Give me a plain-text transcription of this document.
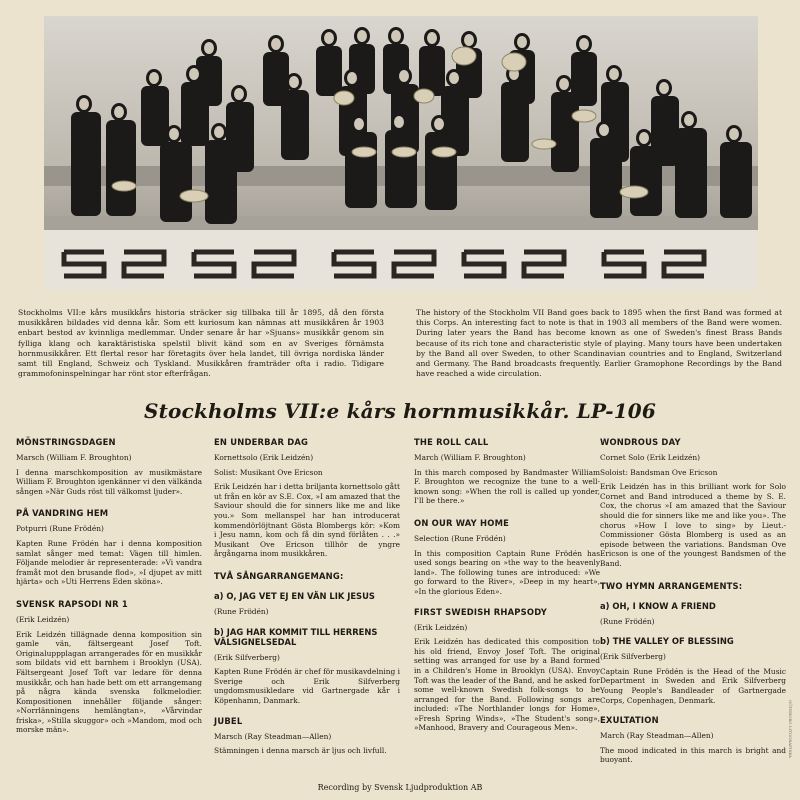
Stockholms VII:e kårs musikkårs historia sträcker sig tillbaka till år 1895, då den första musikkåren bildades vid denna kår. Som ett kuriosum kan nämnas att musikkåren år 1903 enbart bestod av kvinnliga medlemmar. Under senare år har »Sjuans» musikkår genom sin fylliga klang och karaktäristiska spelstil blivit känd som en av Sveriges förnämsta hornmusikkårer. Ett flertal resor har företagits över hela landet, till övriga nordiska länder samt till England, Schweiz och Tyskland. Musikkåren framträder ofta i radio. Tidigare grammofoninspelningar har rönt stor efterfrågan.

The history of the Stockholm VII Band goes back to 1895 when the first Band was formed at this Corps. An interesting fact to note is that in 1903 all members of the Band were women. During later years the Band has become known as one of Sweden's finest Brass Bands because of its rich tone and characteristic style of playing. Many tours have been undertaken by the Band all over Sweden, to other Scandinavian countries and to England, Switzerland and Germany. The Band broadcasts frequently. Earlier Gramophone Recordings by the Band have reached a wide circulation.

Stockholms VII:e kårs hornmusikkår. LP-106
MÖNSTRINGSDAGEN
Marsch (William F. Broughton)
I denna marschkomposition av musikmästare William F. Broughton igenkänner vi den välkända sången »När Guds röst till välkomst ljuder».
PÅ VANDRING HEM
Potpurri (Rune Frödén)
Kapten Rune Frödén har i denna komposition samlat sånger med temat: Vägen till himlen. Följande melodier är representerade: »Vi vandra framåt mot den brusande flod», »I djupet av mitt hjärta» och »Uti Herrens Eden sköna».
SVENSK RAPSODI NR 1
(Erik Leidzén)
Erik Leidzén tillägnade denna komposition sin gamle vän, fältsergeant Josef Toft. Originaluppplagan arrangerades för en musikkår som bildats vid ett barnhem i Brooklyn (USA). Fältsergeant Josef Toft var ledare för denna musikkår, och han hade bett om ett arrangemang på några kända svenska folkmelodier. Kompositionen innehåller följande sånger: »Norrlänningens hemlängtan», »Vårvindar friska», »Stilla skuggor» och »Mandom, mod och morske män».
EN UNDERBAR DAG
Kornettsolo (Erik Leidzén)
Solist: Musikant Ove Ericson
Erik Leidzén har i detta briljanta kornettsolo gått ut från en kör av S.E. Cox, »I am amazed that the Saviour should die for sinners like me and like you.» Som mellanspel har han introducerat kommendörlöjtnant Gösta Blombergs kör: »Kom i Jesu namn, kom och få din synd förlåten . . .» Musikant Ove Ericson tillhör de yngre årgångarna inom musikkåren.
TVÅ SÅNGARRANGEMANG:
a) O, JAG VET EJ EN VÄN LIK JESUS
(Rune Frödén)
b) JAG HAR KOMMIT TILL HERRENS VÄLSIGNELSEDAL
(Erik Silfverberg)
Kapten Rune Frödén är chef för musikavdelning i Sverige och Erik Silfverberg ungdomsmusikledare vid Gartnergade kår i Köpenhamn, Danmark.
JUBEL
Marsch (Ray Steadman—Allen)
Stämningen i denna marsch är ljus och livfull.
THE ROLL CALL
March (William F. Broughton)
In this march composed by Bandmaster William F. Broughton we recognize the tune to a well-known song: »When the roll is called up yonder, I'll be there.»
ON OUR WAY HOME
Selection (Rune Frödén)
In this composition Captain Rune Frödén has used songs bearing on »the way to the heavenly land». The following tunes are introduced: »We go forward to the River», »Deep in my heart», »In the glorious Eden».
FIRST SWEDISH RHAPSODY
(Erik Leidzén)
Erik Leidzén has dedicated this composition to his old friend, Envoy Josef Toft. The original setting was arranged for use by a Band formed in a Children's Home in Brooklyn (USA). Envoy Toft was the leader of the Band, and he asked for some well-known Swedish folk-songs to be arranged for the Band. Following songs are included: »The Northlander longs for Home», »Fresh Spring Winds», »The Student's song», »Manhood, Bravery and Courageous Men».
WONDROUS DAY
Cornet Solo (Erik Leidzén)
Soloist: Bandsman Ove Ericson
Erik Leidzén has in this brilliant work for Solo Cornet and Band introduced a theme by S. E. Cox, the chorus »I am amazed that the Saviour should die for sinners like me and like you». The chorus »How I love to sing» by Lieut.-Commissioner Gösta Blomberg is used as an episode between the variations. Bandsman Ove Ericson is one of the youngest Bandsmen of the Band.
TWO HYMN ARRANGEMENTS:
a) OH, I KNOW A FRIEND
(Rune Frödén)
b) THE VALLEY OF BLESSING
(Erik Silfverberg)
Captain Rune Frödén is the Head of the Music Department in Sweden and Erik Silfverberg Young People's Bandleader of Gartnergade Corps, Copenhagen, Denmark.
EXULTATION
March (Ray Steadman—Allen)
The mood indicated in this march is bright and buoyant.
Recording by Svensk Ljudproduktion AB
GÖTEBORG LITOGRAFISKA
